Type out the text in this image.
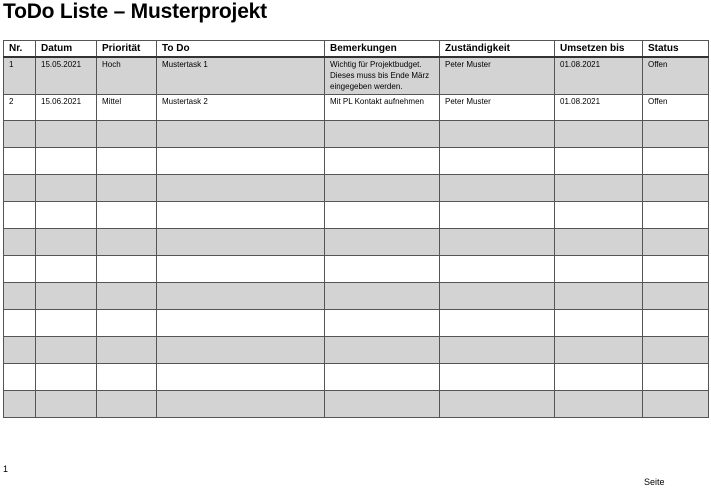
ToDo Liste – Musterprojekt
Nr.	Datum	Priorität	To Do	Bemerkungen	Zuständigkeit	Umsetzen bis	Status
1	15.05.2021	Hoch	Mustertask 1	Wichtig für Projektbudget. Dieses muss bis Ende März eingegeben werden.	Peter Muster	01.08.2021	Offen
2	15.06.2021	Mittel	Mustertask 2	Mit PL Kontakt aufnehmen	Peter Muster	01.08.2021	Offen

1
Seite
